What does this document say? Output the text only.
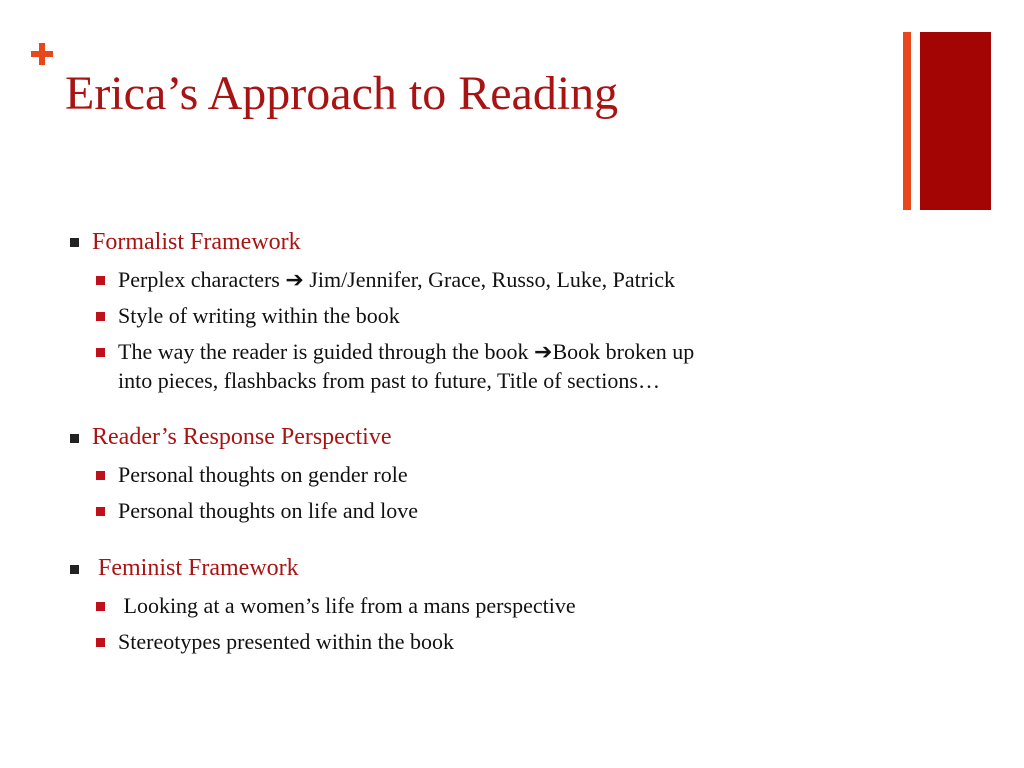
Erica’s Approach to Reading
Formalist Framework
Perplex characters ➔ Jim/Jennifer, Grace, Russo, Luke, Patrick
Style of writing within the book
The way the reader is guided through the book ➔Book broken up
into pieces, flashbacks from past to future, Title of sections…
Reader’s Response Perspective
Personal thoughts on gender role
Personal thoughts on life and love
Feminist Framework
Looking at a women’s life from a mans perspective
Stereotypes presented within the book
